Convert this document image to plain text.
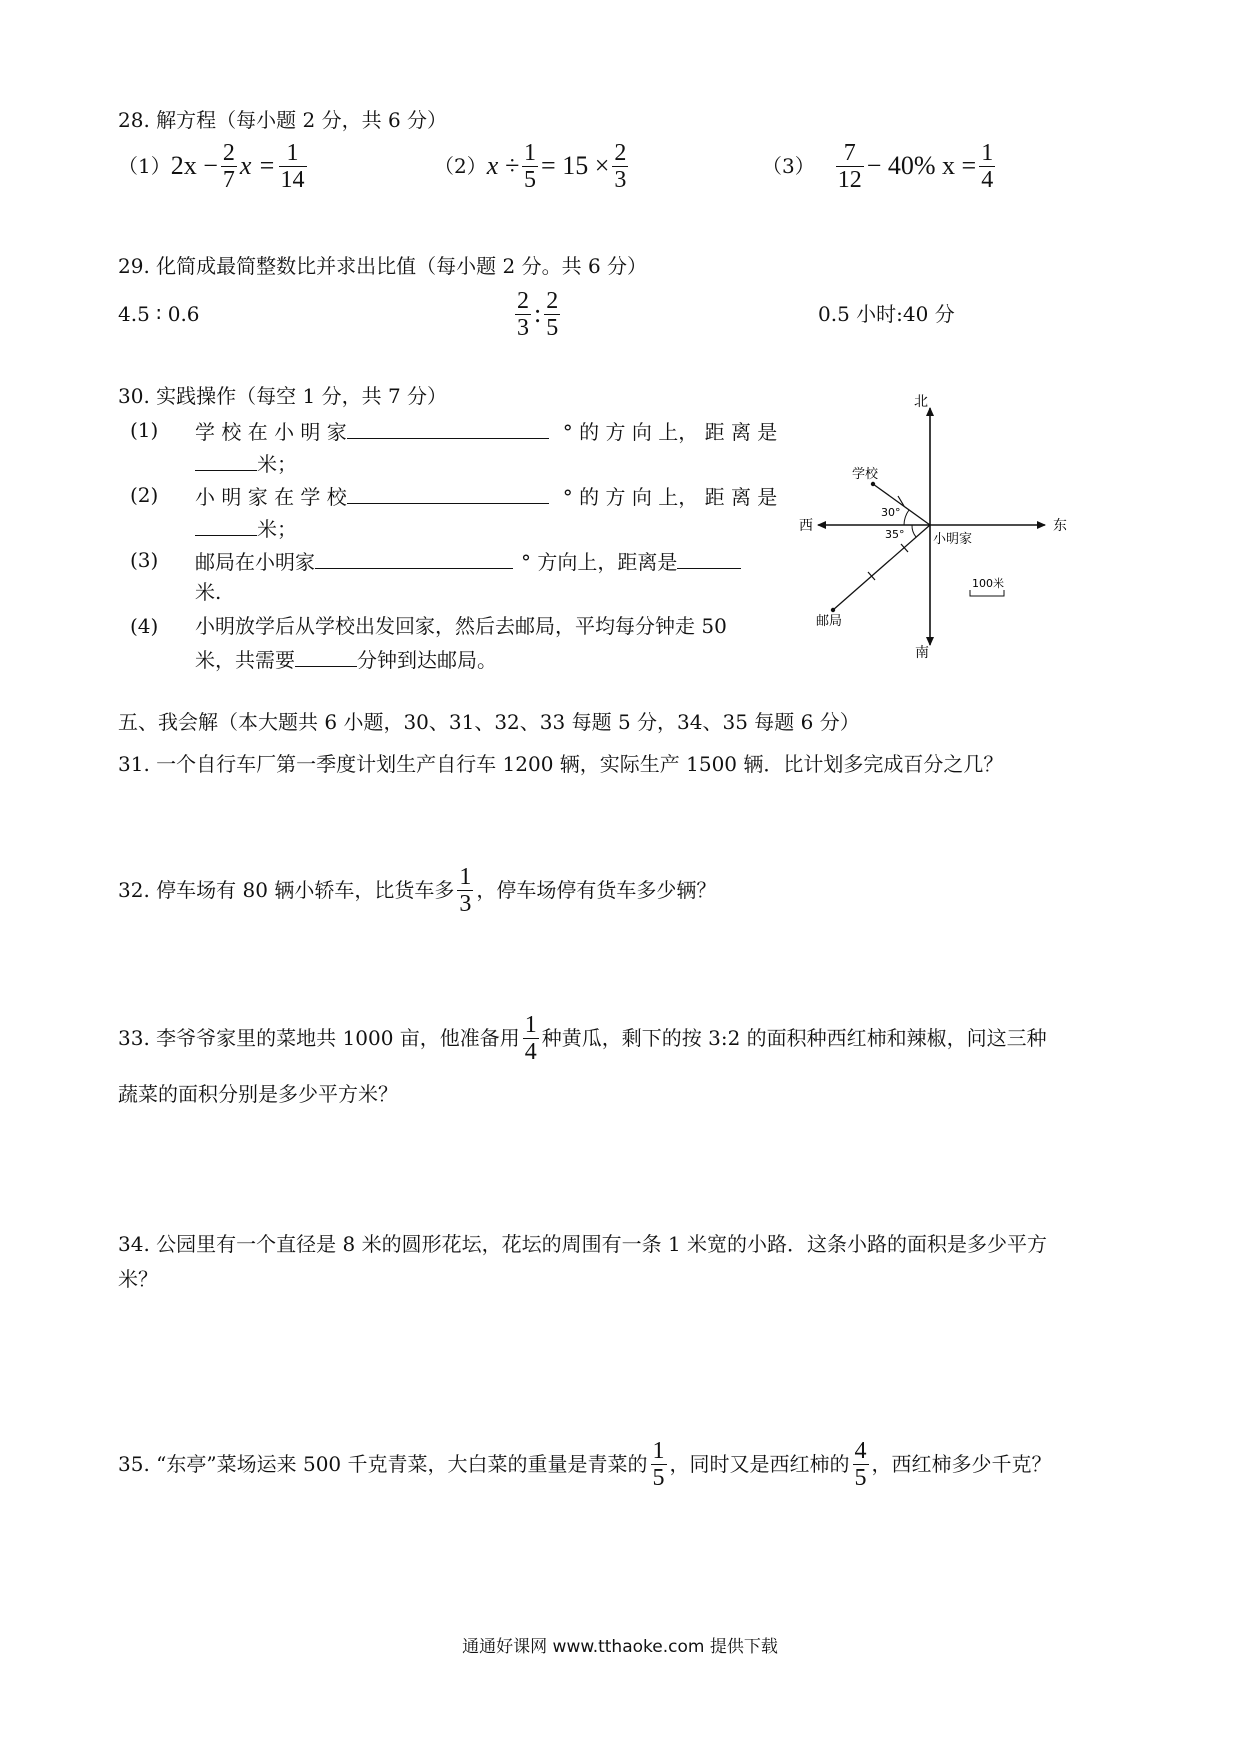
28. 解方程（每小题 2 分，共 6 分）
（1） $2x - \frac{2}{7}$ $x = \frac{1}{14}$	（2） $x \div \frac{1}{5} = 15 \times \frac{2}{3}$	$(3) \frac{7}{12} - 40\%$ $x = \frac{1}{4}$
29. 化简成最简整数比并求出比值（每小题 2 分。共 6 分）
4.5 ∶ 0.6	$\frac{2}{3}$ : $\frac{2}{5}$	0.5 小时:40 分
30. 实践操作（每空 1 分，共 7 分）
(1) 学 校 在 小 明 家	° 的 方 向 上， 距 离 是
米；
(2) 小 明 家 在 学 校	° 的 方 向 上， 距 离 是
米；
(3) 邮局在小明家	° 方向上，距离是
米.
(4) 小明放学后从学校出发回家，然后去邮局，平均每分钟走 50
米，共需要	分钟到达邮局。
北
南
东
西
学校
小明家
邮局
30°
35°
100米
五、我会解（本大题共 6 小题，30、31、32、33 每题 5 分，34、35 每题 6 分）
31. 一个自行车厂第一季度计划生产自行车 1200 辆，实际生产 1500 辆．比计划多完成百分之几？
32. 停车场有 80 辆小轿车，比货车多 $\frac{1}{3}$ ，停车场停有货车多少辆？
33. 李爷爷家里的菜地共 1000 亩，他准备用 $\frac{1}{4}$ 种黄瓜，剩下的按 3:2 的面积种西红柿和辣椒，问这三种
蔬菜的面积分别是多少平方米？
34. 公园里有一个直径是 8 米的圆形花坛，花坛的周围有一条 1 米宽的小路．这条小路的面积是多少平方
米？
35. “东亭”菜场运来 500 千克青菜，大白菜的重量是青菜的 $\frac{1}{5}$ ，同时又是西红柿的 $\frac{4}{5}$ ，西红柿多少千克？
通通好课网 www.tthaoke.com 提供下载
